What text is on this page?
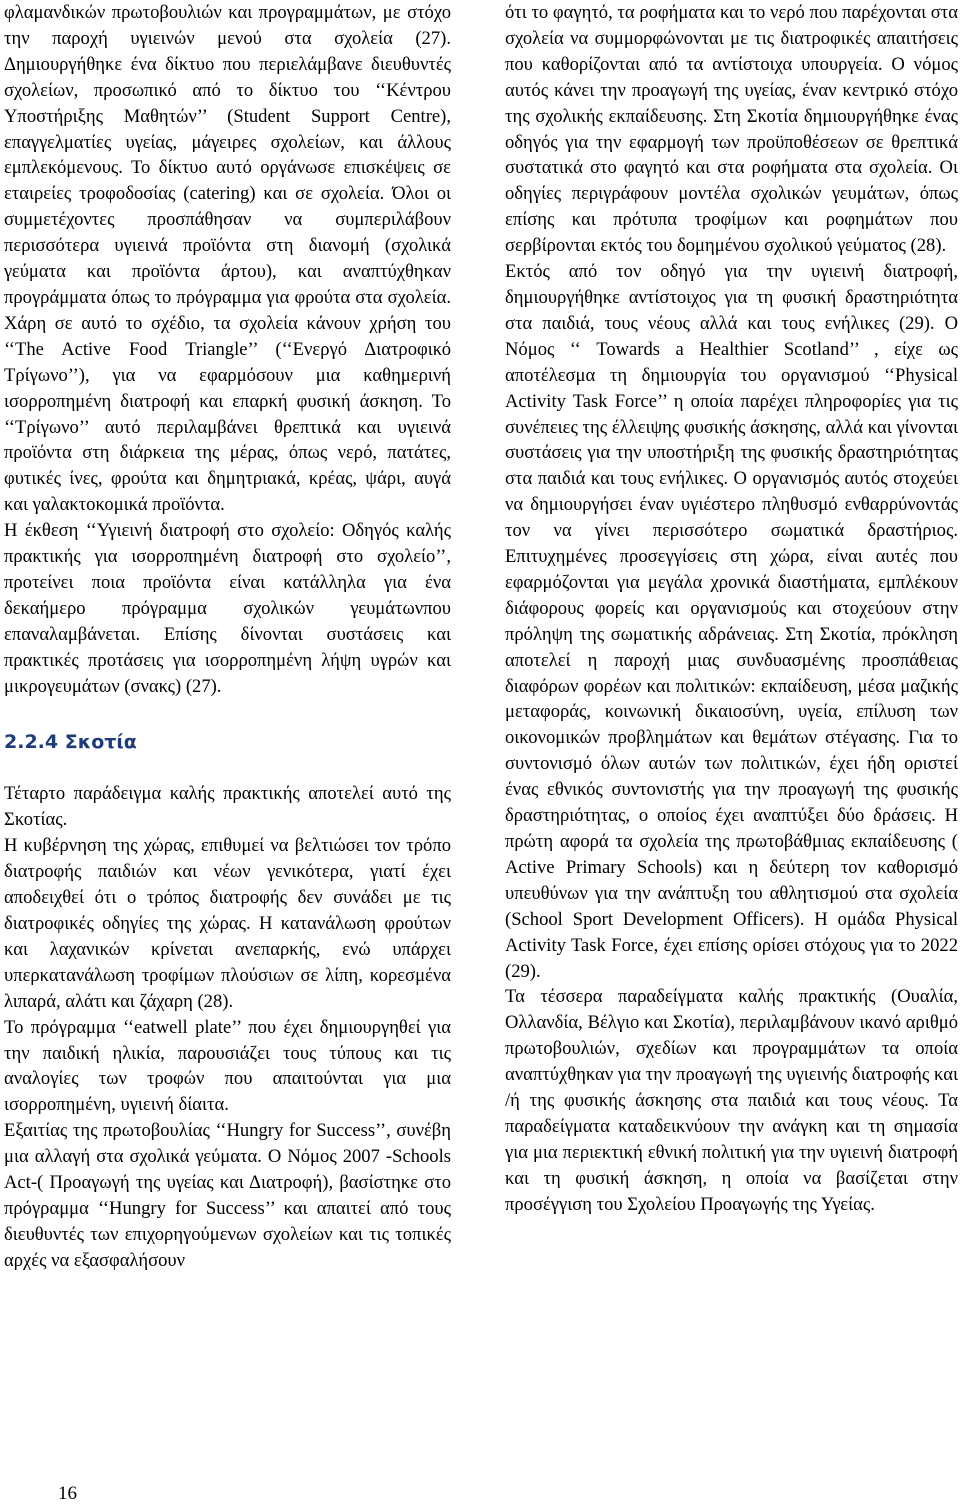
φλαμανδικών πρωτοβουλιών και προγραμμάτων, με στόχο την παροχή υγιεινών μενού στα σχολεία (27). Δημιουργήθηκε ένα δίκτυο που περιελάμβανε διευθυντές σχολείων, προσωπικό από το δίκτυο του ‘‘Κέντρου Υποστήριξης Μαθητών’’ (Student Support Centre), επαγγελματίες υγείας, μάγειρες σχολείων, και άλλους εμπλεκόμενους. Το δίκτυο αυτό οργάνωσε επισκέψεις σε εταιρείες τροφοδοσίας (catering) και σε σχολεία. Όλοι οι συμμετέχοντες προσπάθησαν να συμπεριλάβουν περισσότερα υγιεινά προϊόντα στη διανομή (σχολικά γεύματα και προϊόντα άρτου), και αναπτύχθηκαν προγράμματα όπως το πρόγραμμα για φρούτα στα σχολεία. Χάρη σε αυτό το σχέδιο, τα σχολεία κάνουν χρήση του ‘‘The Active Food Triangle’’ (‘‘Ενεργό Διατροφικό Τρίγωνο’’), για να εφαρμόσουν μια καθημερινή ισορροπημένη διατροφή και επαρκή φυσική άσκηση. Το ‘‘Τρίγωνο’’ αυτό περιλαμβάνει θρεπτικά και υγιεινά προϊόντα στη διάρκεια της μέρας, όπως νερό, πατάτες, φυτικές ίνες, φρούτα και δημητριακά, κρέας, ψάρι, αυγά και γαλακτοκομικά προϊόντα.

Η έκθεση ‘‘Υγιεινή διατροφή στο σχολείο: Οδηγός καλής πρακτικής για ισορροπημένη διατροφή στο σχολείο’’, προτείνει ποια προϊόντα είναι κατάλληλα για ένα δεκαήμερο πρόγραμμα σχολικών γευμάτωνπου επαναλαμβάνεται. Επίσης δίνονται συστάσεις και πρακτικές προτάσεις για ισορροπημένη λήψη υγρών και μικρογευμάτων (σνακς) (27).

2.2.4 Σκοτία

Τέταρτο παράδειγμα καλής πρακτικής αποτελεί αυτό της Σκοτίας.

Η κυβέρνηση της χώρας, επιθυμεί να βελτιώσει τον τρόπο διατροφής παιδιών και νέων γενικότερα, γιατί έχει αποδειχθεί ότι ο τρόπος διατροφής δεν συνάδει με τις διατροφικές οδηγίες της χώρας. Η κατανάλωση φρούτων και λαχανικών κρίνεται ανεπαρκής, ενώ υπάρχει υπερκατανάλωση τροφίμων πλούσιων σε λίπη, κορεσμένα λιπαρά, αλάτι και ζάχαρη (28).

Το πρόγραμμα ‘‘eatwell plate’’ που έχει δημιουργηθεί για την παιδική ηλικία, παρουσιάζει τους τύπους και τις αναλογίες των τροφών που απαιτούνται για μια ισορροπημένη, υγιεινή δίαιτα.

Εξαιτίας της πρωτοβουλίας ‘‘Hungry for Success’’, συνέβη μια αλλαγή στα σχολικά γεύματα. Ο Νόμος 2007 -Schools Act-( Προαγωγή της υγείας και Διατροφή), βασίστηκε στο πρόγραμμα ‘‘Hungry for Success’’ και απαιτεί από τους διευθυντές των επιχορηγούμενων σχολείων και τις τοπικές αρχές να εξασφαλήσουν

ότι το φαγητό, τα ροφήματα και το νερό που παρέχονται στα σχολεία να συμμορφώνονται με τις διατροφικές απαιτήσεις που καθορίζονται από τα αντίστοιχα υπουργεία. Ο νόμος αυτός κάνει την προαγωγή της υγείας, έναν κεντρικό στόχο της σχολικής εκπαίδευσης. Στη Σκοτία δημιουργήθηκε ένας οδηγός για την εφαρμογή των προϋποθέσεων σε θρεπτικά συστατικά στο φαγητό και στα ροφήματα στα σχολεία. Οι οδηγίες περιγράφουν μοντέλα σχολικών γευμάτων, όπως επίσης και πρότυπα τροφίμων και ροφημάτων που σερβίρονται εκτός του δομημένου σχολικού γεύματος (28).

Εκτός από τον οδηγό για την υγιεινή διατροφή, δημιουργήθηκε αντίστοιχος για τη φυσική δραστηριότητα στα παιδιά, τους νέους αλλά και τους ενήλικες (29). Ο Νόμος ‘‘ Towards a Healthier Scotland’’ , είχε ως αποτέλεσμα τη δημιουργία του οργανισμού ‘‘Physical Activity Task Force’’ η οποία παρέχει πληροφορίες για τις συνέπειες της έλλειψης φυσικής άσκησης, αλλά και γίνονται συστάσεις για την υποστήριξη της φυσικής δραστηριότητας στα παιδιά και τους ενήλικες. Ο οργανισμός αυτός στοχεύει να δημιουργήσει έναν υγιέστερο πληθυσμό ενθαρρύνοντάς τον να γίνει περισσότερο σωματικά δραστήριος. Επιτυχημένες προσεγγίσεις στη χώρα, είναι αυτές που εφαρμόζονται για μεγάλα χρονικά διαστήματα, εμπλέκουν διάφορους φορείς και οργανισμούς και στοχεύουν στην πρόληψη της σωματικής αδράνειας. Στη Σκοτία, πρόκληση αποτελεί η παροχή μιας συνδυασμένης προσπάθειας διαφόρων φορέων και πολιτικών: εκπαίδευση, μέσα μαζικής μεταφοράς, κοινωνική δικαιοσύνη, υγεία, επίλυση των οικονομικών προβλημάτων και θεμάτων στέγασης. Για το συντονισμό όλων αυτών των πολιτικών, έχει ήδη οριστεί ένας εθνικός συντονιστής για την προαγωγή της φυσικής δραστηριότητας, ο οποίος έχει αναπτύξει δύο δράσεις. Η πρώτη αφορά τα σχολεία της πρωτοβάθμιας εκπαίδευσης ( Active Primary Schools) και η δεύτερη τον καθορισμό υπευθύνων για την ανάπτυξη του αθλητισμού στα σχολεία (School Sport Development Officers). Η ομάδα Physical Activity Task Force, έχει επίσης ορίσει στόχους για το 2022 (29).

Τα τέσσερα παραδείγματα καλής πρακτικής (Ουαλία, Ολλανδία, Βέλγιο και Σκοτία), περιλαμβάνουν ικανό αριθμό πρωτοβουλιών, σχεδίων και προγραμμάτων τα οποία αναπτύχθηκαν για την προαγωγή της υγιεινής διατροφής και /ή της φυσικής άσκησης στα παιδιά και τους νέους. Τα παραδείγματα καταδεικνύουν την ανάγκη και τη σημασία για μια περιεκτική εθνική πολιτική για την υγιεινή διατροφή και τη φυσική άσκηση, η οποία να βασίζεται στην προσέγγιση του Σχολείου Προαγωγής της Υγείας.

16
